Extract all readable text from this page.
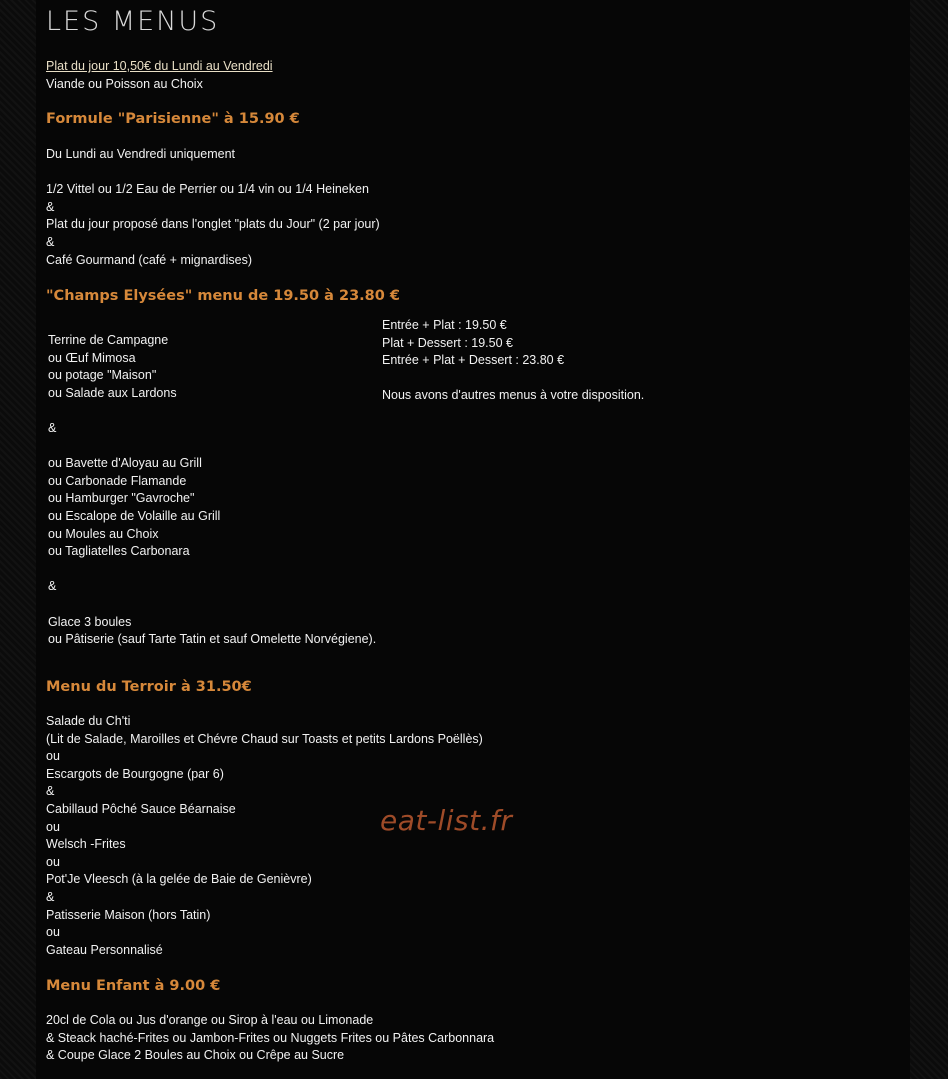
LES MENUS
Plat du jour 10,50€ du Lundi au Vendredi
Viande ou Poisson au Choix
Formule "Parisienne" à 15.90 €
Du Lundi au Vendredi uniquement
1/2 Vittel ou 1/2 Eau de Perrier ou 1/4 vin ou 1/4 Heineken
&
Plat du jour proposé dans l'onglet "plats du Jour" (2 par jour)
&
Café Gourmand (café + mignardises)
"Champs Elysées" menu de 19.50 à 23.80 €
Terrine de Campagne
ou Œuf Mimosa
ou potage "Maison"
ou Salade aux Lardons
&
ou Bavette d'Aloyau au Grill
ou Carbonade Flamande
ou Hamburger "Gavroche"
ou Escalope de Volaille au Grill
ou Moules au Choix
ou Tagliatelles Carbonara
&
Glace 3 boules
ou Pâtiserie (sauf Tarte Tatin et sauf Omelette Norvégiene).
Entrée + Plat : 19.50 €
Plat + Dessert : 19.50 €
Entrée + Plat + Dessert : 23.80 €
Nous avons d'autres menus à votre disposition.
Menu du Terroir à 31.50€
Salade du Ch'ti
(Lit de Salade, Maroilles et Chévre Chaud sur Toasts et petits Lardons Poëllès)
ou
Escargots de Bourgogne (par 6)
&
Cabillaud Pôché Sauce Béarnaise
ou
Welsch -Frites
ou
Pot'Je Vleesch (à la gelée de Baie de Genièvre)
&
Patisserie Maison (hors Tatin)
ou
Gateau Personnalisé
Menu Enfant à 9.00 €
20cl de Cola ou Jus d'orange ou Sirop à l'eau ou Limonade
& Steack haché-Frites ou Jambon-Frites ou Nuggets Frites ou Pâtes Carbonnara
& Coupe Glace 2 Boules au Choix ou Crêpe au Sucre
eat-list.fr
